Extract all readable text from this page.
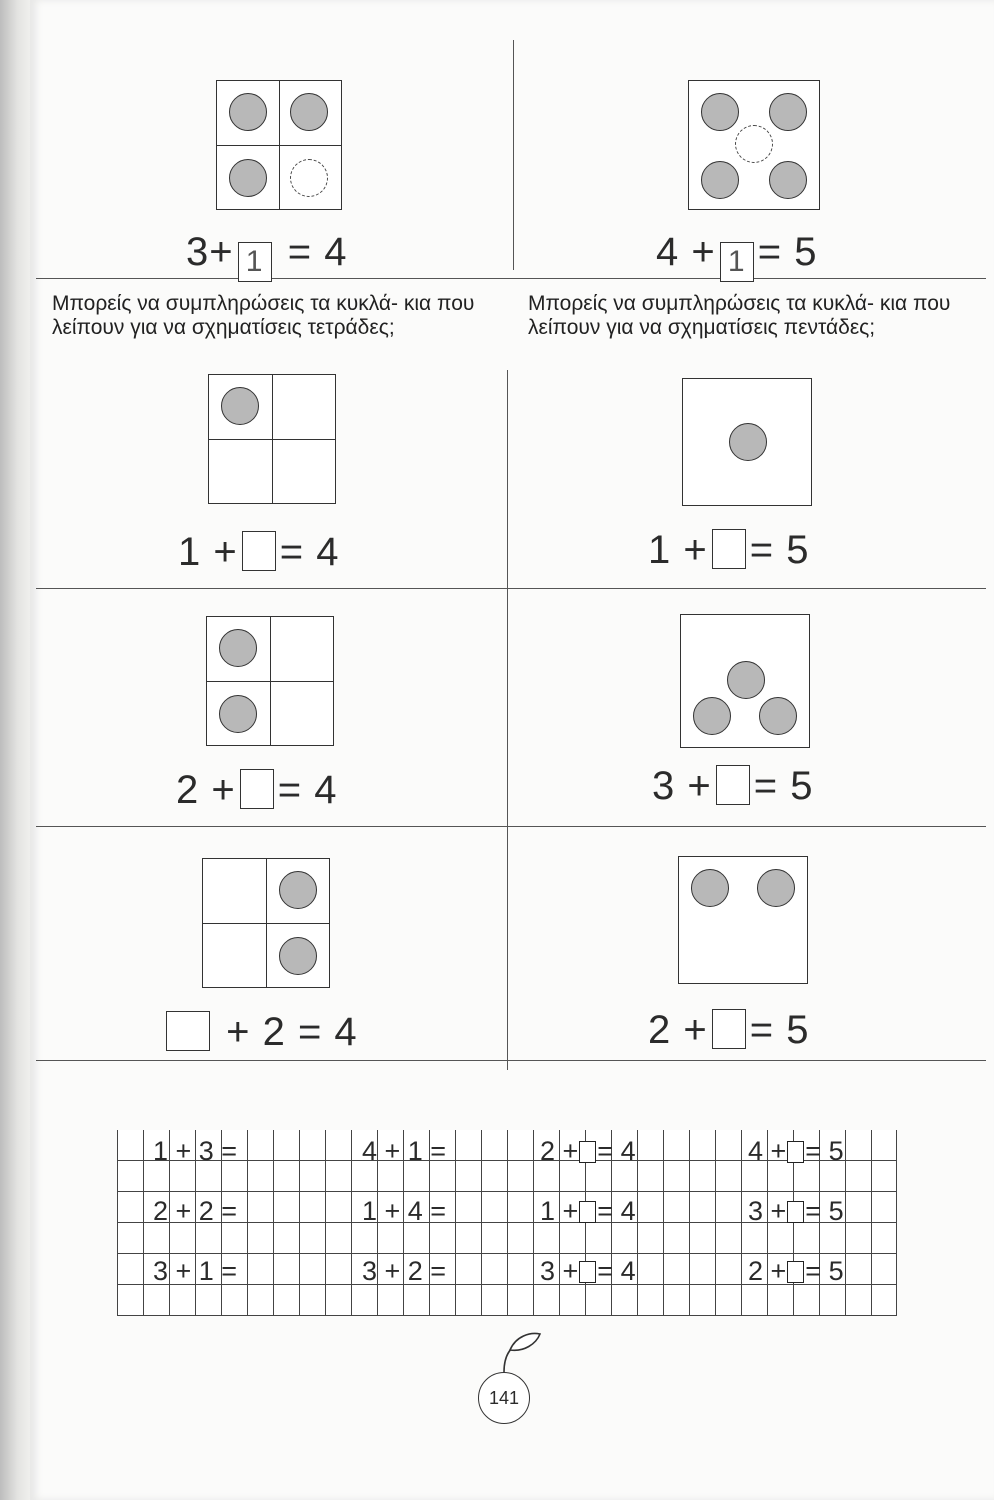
3+ 1 = 4	4 + 1 = 5
Μπορείς να συμπληρώσεις τα κυκλά- κια που λείπουν για να σχηματίσεις τετράδες;
Μπορείς να συμπληρώσεις τα κυκλά- κια που λείπουν για να σχηματίσεις πεντάδες;
1 + = 4	1 + = 5
2 + = 4	3 + = 5
+ 2 = 4	2 + = 5
1 + 3 =	4 + 1 =	2 + = 4	4 + = 5
2 + 2 =	1 + 4 =	1 + = 4	3 + = 5
3 + 1 =	3 + 2 =	3 + = 4	2 + = 5
141
